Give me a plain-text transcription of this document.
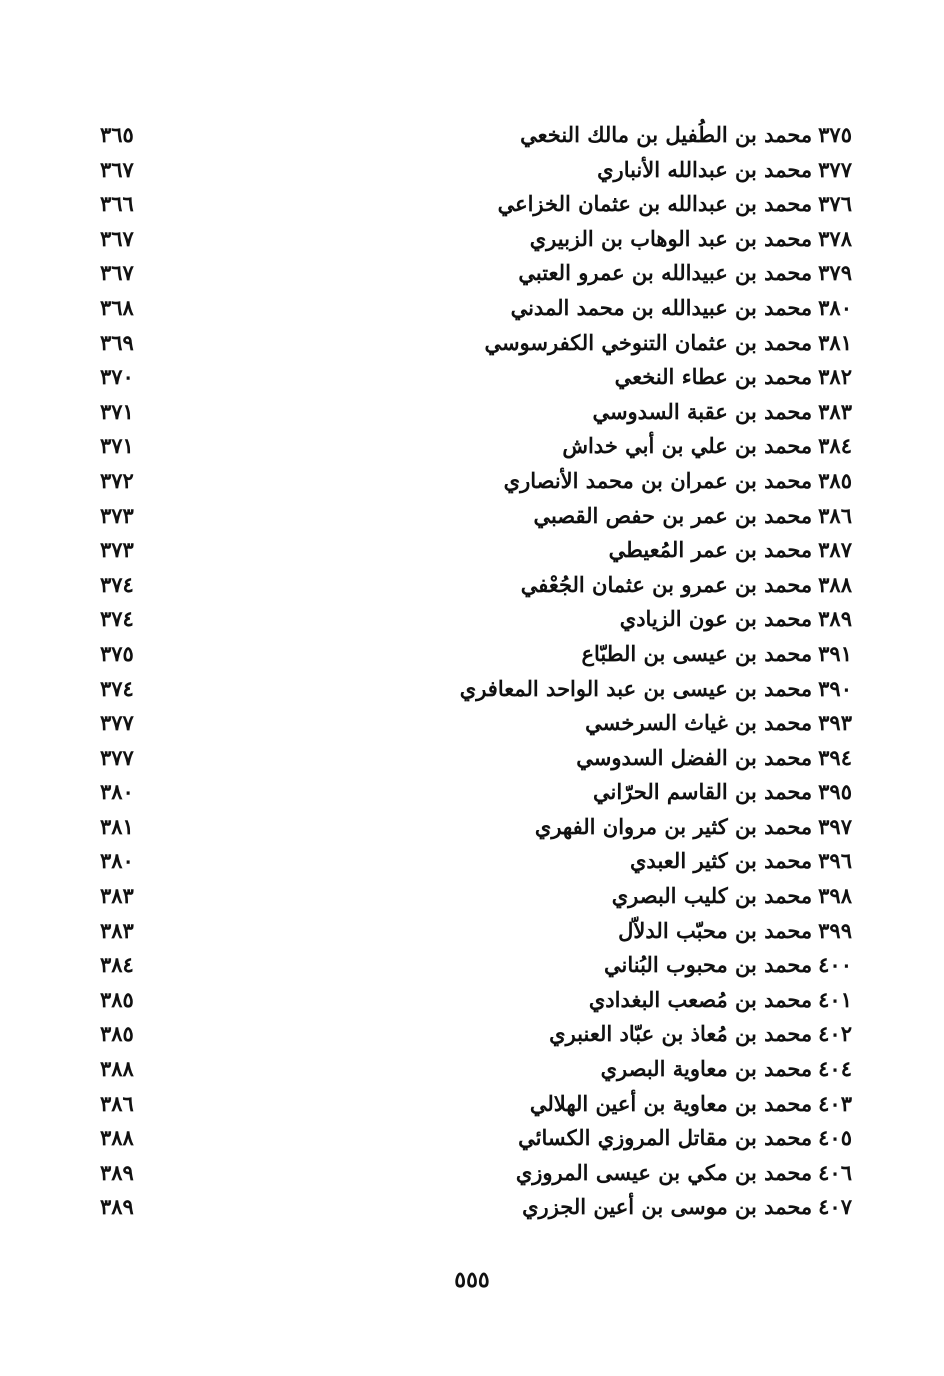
٣٧٥محمد بن الطُفيل بن مالك النخعي
٣٦٥
٣٧٧محمد بن عبدالله الأنباري
٣٦٧
٣٧٦محمد بن عبدالله بن عثمان الخزاعي
٣٦٦
٣٧٨محمد بن عبد الوهاب بن الزبيري
٣٦٧
٣٧٩محمد بن عبيدالله بن عمرو العتبي
٣٦٧
٣٨٠محمد بن عبيدالله بن محمد المدني
٣٦٨
٣٨١محمد بن عثمان التنوخي الكفرسوسي
٣٦٩
٣٨٢محمد بن عطاء النخعي
٣٧٠
٣٨٣محمد بن عقبة السدوسي
٣٧١
٣٨٤محمد بن علي بن أبي خداش
٣٧١
٣٨٥محمد بن عمران بن محمد الأنصاري
٣٧٢
٣٨٦محمد بن عمر بن حفص القصبي
٣٧٣
٣٨٧محمد بن عمر المُعيطي
٣٧٣
٣٨٨محمد بن عمرو بن عثمان الجُعْفي
٣٧٤
٣٨٩محمد بن عون الزيادي
٣٧٤
٣٩١محمد بن عيسى بن الطبّاع
٣٧٥
٣٩٠محمد بن عيسى بن عبد الواحد المعافري
٣٧٤
٣٩٣محمد بن غياث السرخسي
٣٧٧
٣٩٤محمد بن الفضل السدوسي
٣٧٧
٣٩٥محمد بن القاسم الحرّاني
٣٨٠
٣٩٧محمد بن كثير بن مروان الفهري
٣٨١
٣٩٦محمد بن كثير العبدي
٣٨٠
٣٩٨محمد بن كليب البصري
٣٨٣
٣٩٩محمد بن محبّب الدلاّل
٣٨٣
٤٠٠محمد بن محبوب البُناني
٣٨٤
٤٠١محمد بن مُصعب البغدادي
٣٨٥
٤٠٢محمد بن مُعاذ بن عبّاد العنبري
٣٨٥
٤٠٤محمد بن معاوية البصري
٣٨٨
٤٠٣محمد بن معاوية بن أعين الهلالي
٣٨٦
٤٠٥محمد بن مقاتل المروزي الكسائي
٣٨٨
٤٠٦محمد بن مكي بن عيسى المروزي
٣٨٩
٤٠٧محمد بن موسى بن أعين الجزري
٣٨٩
٥٥٥
